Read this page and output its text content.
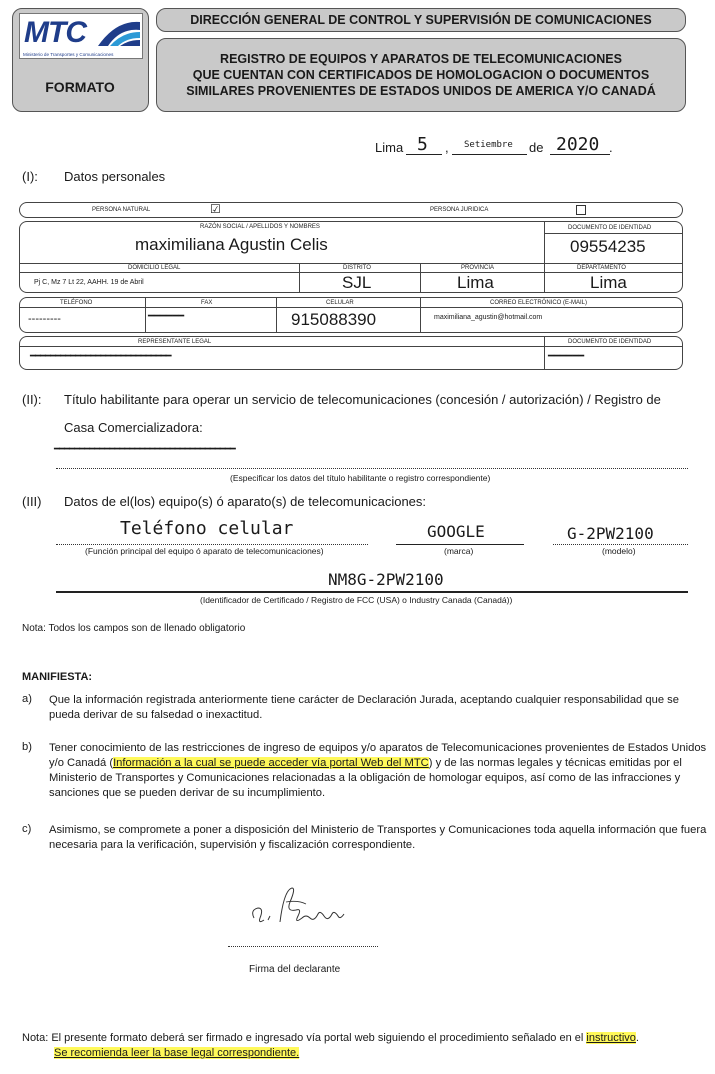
MTC
Ministerio de Transportes y Comunicaciones
FORMATO
DIRECCIÓN GENERAL DE CONTROL Y SUPERVISIÓN DE COMUNICACIONES
REGISTRO DE EQUIPOS Y APARATOS DE TELECOMUNICACIONES
QUE CUENTAN CON CERTIFICADOS DE HOMOLOGACION O DOCUMENTOS
SIMILARES PROVENIENTES DE ESTADOS UNIDOS DE AMERICA Y/O CANADÁ
Lima 5 , Setiembre de 2020 .
(I): Datos personales
PERSONA NATURAL	☑	PERSONA JURIDICA
RAZÓN SOCIAL / APELLIDOS Y NOMBRES
maximiliana Agustin Celis
DOCUMENTO DE IDENTIDAD
09554235
DOMICILIO LEGAL
Pj C, Mz 7 Lt 22, AAHH. 19 de Abril
DISTRITO
SJL
PROVINCIA
Lima
DEPARTAMENTO
Lima
TELÉFONO
---------
FAX
━━━━━━
CELULAR
915088390
CORREO ELECTRÓNICO (E-MAIL)
maximiliana_agustin@hotmail.com
REPRESENTANTE LEGAL
━━━━━━━━━━━━━━━━━━━━━━━━━━━━
DOCUMENTO DE IDENTIDAD
━━━━━━
(II): Título habilitante para operar un servicio de telecomunicaciones (concesión / autorización) / Registro de
Casa Comercializadora:
━━━━━━━━━━━━━━━━━━━━━━━━━━━━━━━━━━━━
(Especificar los datos del título habilitante o registro correspondiente)
(III) Datos de el(los) equipo(s) ó aparato(s) de telecomunicaciones:
Teléfono celular
(Función principal del equipo ó aparato de telecomunicaciones)
GOOGLE
(marca)
G-2PW2100
(modelo)
NM8G-2PW2100
(Identificador de Certificado / Registro de FCC (USA) o Industry Canada (Canadá))
Nota: Todos los campos son de llenado obligatorio
MANIFIESTA:
a) Que la información registrada anteriormente tiene carácter de Declaración Jurada, aceptando cualquier responsabilidad que se pueda derivar de su falsedad o inexactitud.

b) Tener conocimiento de las restricciones de ingreso de equipos y/o aparatos de Telecomunicaciones provenientes de Estados Unidos y/o Canadá (Información a la cual se puede acceder vía portal Web del MTC) y de las normas legales y técnicas emitidas por el Ministerio de Transportes y Comunicaciones relacionadas a la obligación de homologar equipos, así como de las infracciones y sanciones que se pueden derivar de su incumplimiento.

c) Asimismo, se compromete a poner a disposición del Ministerio de Transportes y Comunicaciones toda aquella información que fuera necesaria para la verificación, supervisión y fiscalización correspondiente.

Firma del declarante

Nota: El presente formato deberá ser firmado e ingresado vía portal web siguiendo el procedimiento señalado en el instructivo.
Se recomienda leer la base legal correspondiente.
